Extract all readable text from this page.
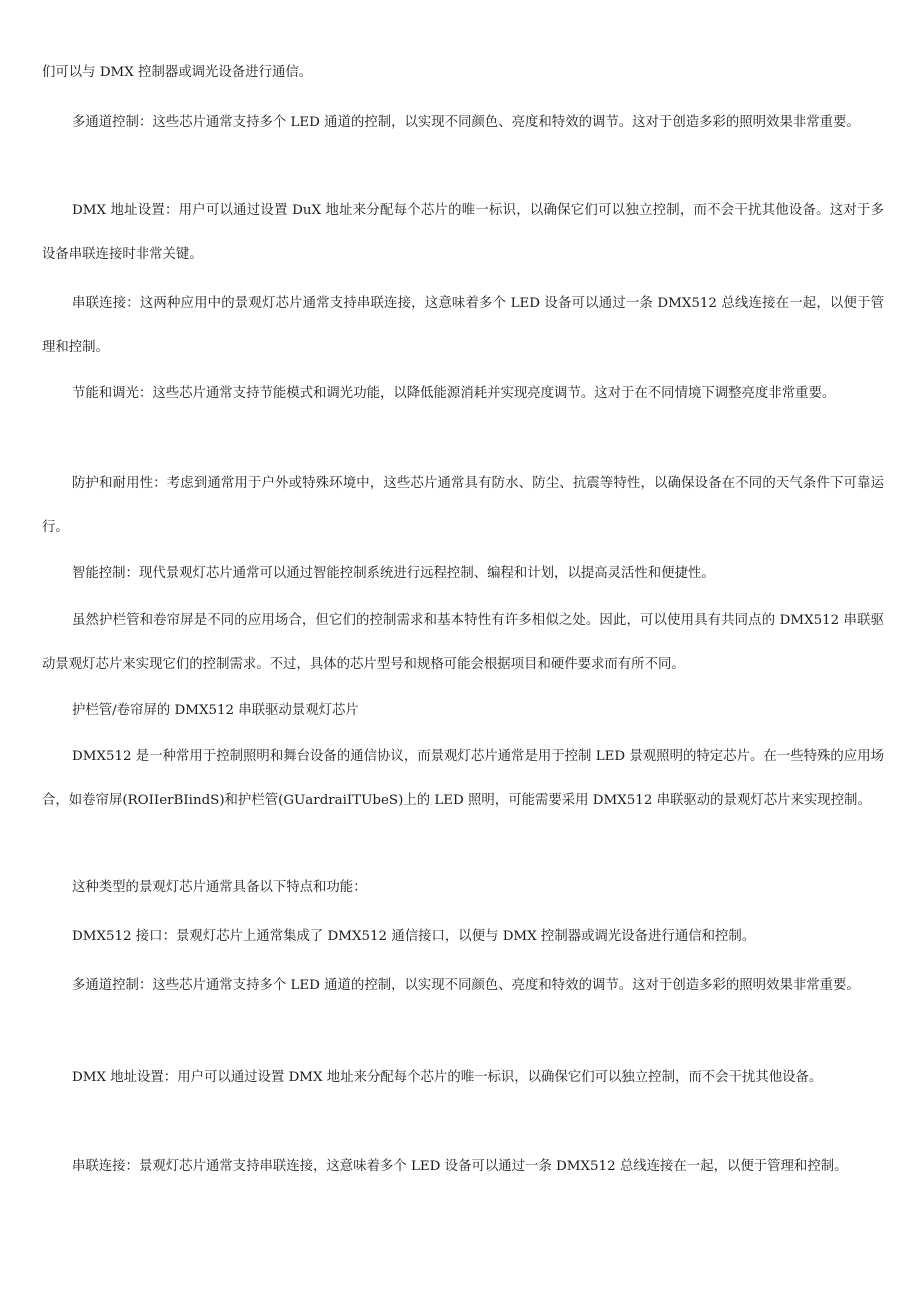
们可以与 DMX 控制器或调光设备进行通信。

多通道控制：这些芯片通常支持多个 LED 通道的控制，以实现不同颜色、亮度和特效的调节。这对于创造多彩的照明效果非常重要。

DMX 地址设置：用户可以通过设置 DuX 地址来分配每个芯片的唯一标识，以确保它们可以独立控制，而不会干扰其他设备。这对于多设备串联连接时非常关键。

串联连接：这两种应用中的景观灯芯片通常支持串联连接，这意味着多个 LED 设备可以通过一条 DMX512 总线连接在一起，以便于管理和控制。

节能和调光：这些芯片通常支持节能模式和调光功能，以降低能源消耗并实现亮度调节。这对于在不同情境下调整亮度非常重要。

防护和耐用性：考虑到通常用于户外或特殊环境中，这些芯片通常具有防水、防尘、抗震等特性，以确保设备在不同的天气条件下可靠运行。

智能控制：现代景观灯芯片通常可以通过智能控制系统进行远程控制、编程和计划，以提高灵活性和便捷性。

虽然护栏管和卷帘屏是不同的应用场合，但它们的控制需求和基本特性有许多相似之处。因此，可以使用具有共同点的 DMX512 串联驱动景观灯芯片来实现它们的控制需求。不过，具体的芯片型号和规格可能会根据项目和硬件要求而有所不同。

护栏管/卷帘屏的 DMX512 串联驱动景观灯芯片

DMX512 是一种常用于控制照明和舞台设备的通信协议，而景观灯芯片通常是用于控制 LED 景观照明的特定芯片。在一些特殊的应用场合，如卷帘屏(ROIIerBIindS)和护栏管(GUardraiITUbeS)上的 LED 照明，可能需要采用 DMX512 串联驱动的景观灯芯片来实现控制。

这种类型的景观灯芯片通常具备以下特点和功能：

DMX512 接口：景观灯芯片上通常集成了 DMX512 通信接口，以便与 DMX 控制器或调光设备进行通信和控制。

多通道控制：这些芯片通常支持多个 LED 通道的控制，以实现不同颜色、亮度和特效的调节。这对于创造多彩的照明效果非常重要。

DMX 地址设置：用户可以通过设置 DMX 地址来分配每个芯片的唯一标识，以确保它们可以独立控制，而不会干扰其他设备。

串联连接：景观灯芯片通常支持串联连接，这意味着多个 LED 设备可以通过一条 DMX512 总线连接在一起，以便于管理和控制。
